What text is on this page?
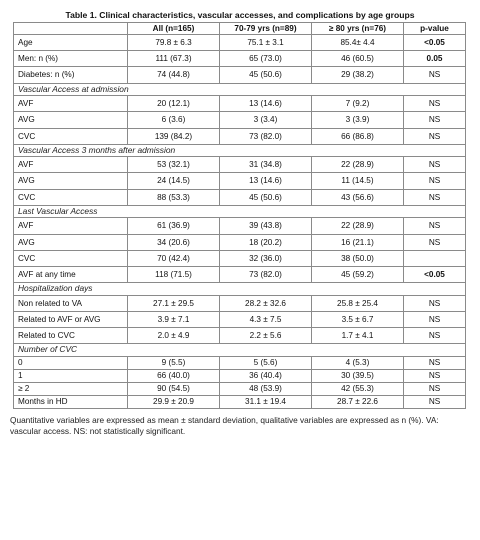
Table 1. Clinical characteristics, vascular accesses, and complications by age groups
	All (n=165)	70-79 yrs (n=89)	≥ 80 yrs (n=76)	p-value
Age	79.8 ± 6.3	75.1 ± 3.1	85.4± 4.4	<0.05
Men: n (%)	111 (67.3)	65 (73.0)	46 (60.5)	0.05
Diabetes: n (%)	74 (44.8)	45 (50.6)	29 (38.2)	NS
Vascular Access at admission				
AVF	20 (12.1)	13 (14.6)	7 (9.2)	NS
AVG	6 (3.6)	3 (3.4)	3 (3.9)	NS
CVC	139 (84.2)	73 (82.0)	66 (86.8)	NS
Vascular Access 3 months after admission				
AVF	53 (32.1)	31 (34.8)	22 (28.9)	NS
AVG	24 (14.5)	13 (14.6)	11 (14.5)	NS
CVC	88 (53.3)	45 (50.6)	43 (56.6)	NS
Last Vascular Access				
AVF	61 (36.9)	39 (43.8)	22 (28.9)	NS
AVG	34 (20.6)	18 (20.2)	16 (21.1)	NS
CVC	70 (42.4)	32 (36.0)	38 (50.0)	
AVF at any time	118 (71.5)	73 (82.0)	45 (59.2)	<0.05
Hospitalization days				
Non related to VA	27.1 ± 29.5	28.2 ± 32.6	25.8 ± 25.4	NS
Related to AVF or AVG	3.9 ± 7.1	4.3 ± 7.5	3.5 ± 6.7	NS
Related to CVC	2.0 ± 4.9	2.2 ± 5.6	1.7 ± 4.1	NS
Number of CVC				
0	9 (5.5)	5 (5.6)	4 (5.3)	NS
1	66 (40.0)	36 (40.4)	30 (39.5)	NS
≥ 2	90 (54.5)	48 (53.9)	42 (55.3)	NS
Months in HD	29.9 ± 20.9	31.1 ± 19.4	28.7 ± 22.6	NS
Quantitative variables are expressed as mean ± standard deviation, qualitative variables are expressed as n (%). VA: vascular access. NS: not statistically significant.
